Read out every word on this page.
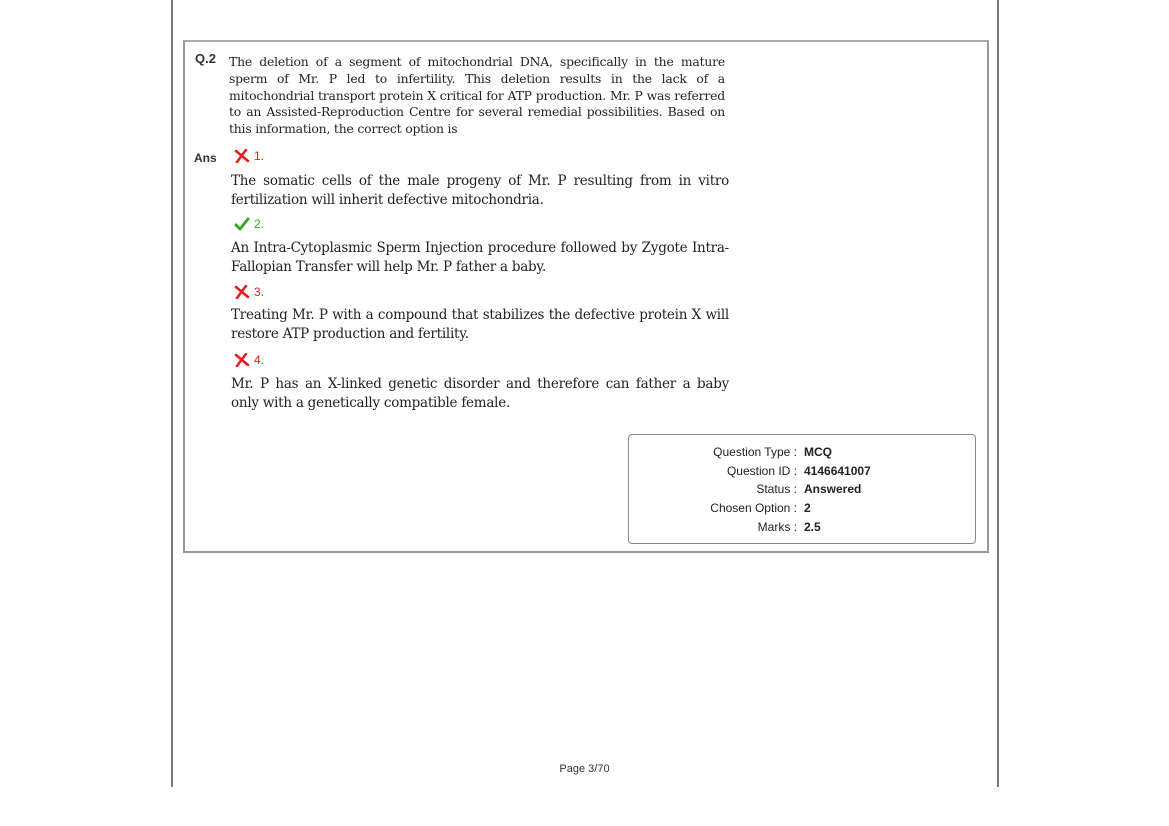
Q.2 The deletion of a segment of mitochondrial DNA, specifically in the mature sperm of Mr. P led to infertility. This deletion results in the lack of a mitochondrial transport protein X critical for ATP production. Mr. P was referred to an Assisted-Reproduction Centre for several remedial possibilities. Based on this information, the correct option is
Ans	1.
The somatic cells of the male progeny of Mr. P resulting from in vitro fertilization will inherit defective mitochondria.
2.
An Intra-Cytoplasmic Sperm Injection procedure followed by Zygote Intra-Fallopian Transfer will help Mr. P father a baby.
3.
Treating Mr. P with a compound that stabilizes the defective protein X will restore ATP production and fertility.
4.
Mr. P has an X-linked genetic disorder and therefore can father a baby only with a genetically compatible female.
Question Type : MCQ
Question ID : 4146641007
Status : Answered
Chosen Option : 2
Marks : 2.5
Page 3/70
